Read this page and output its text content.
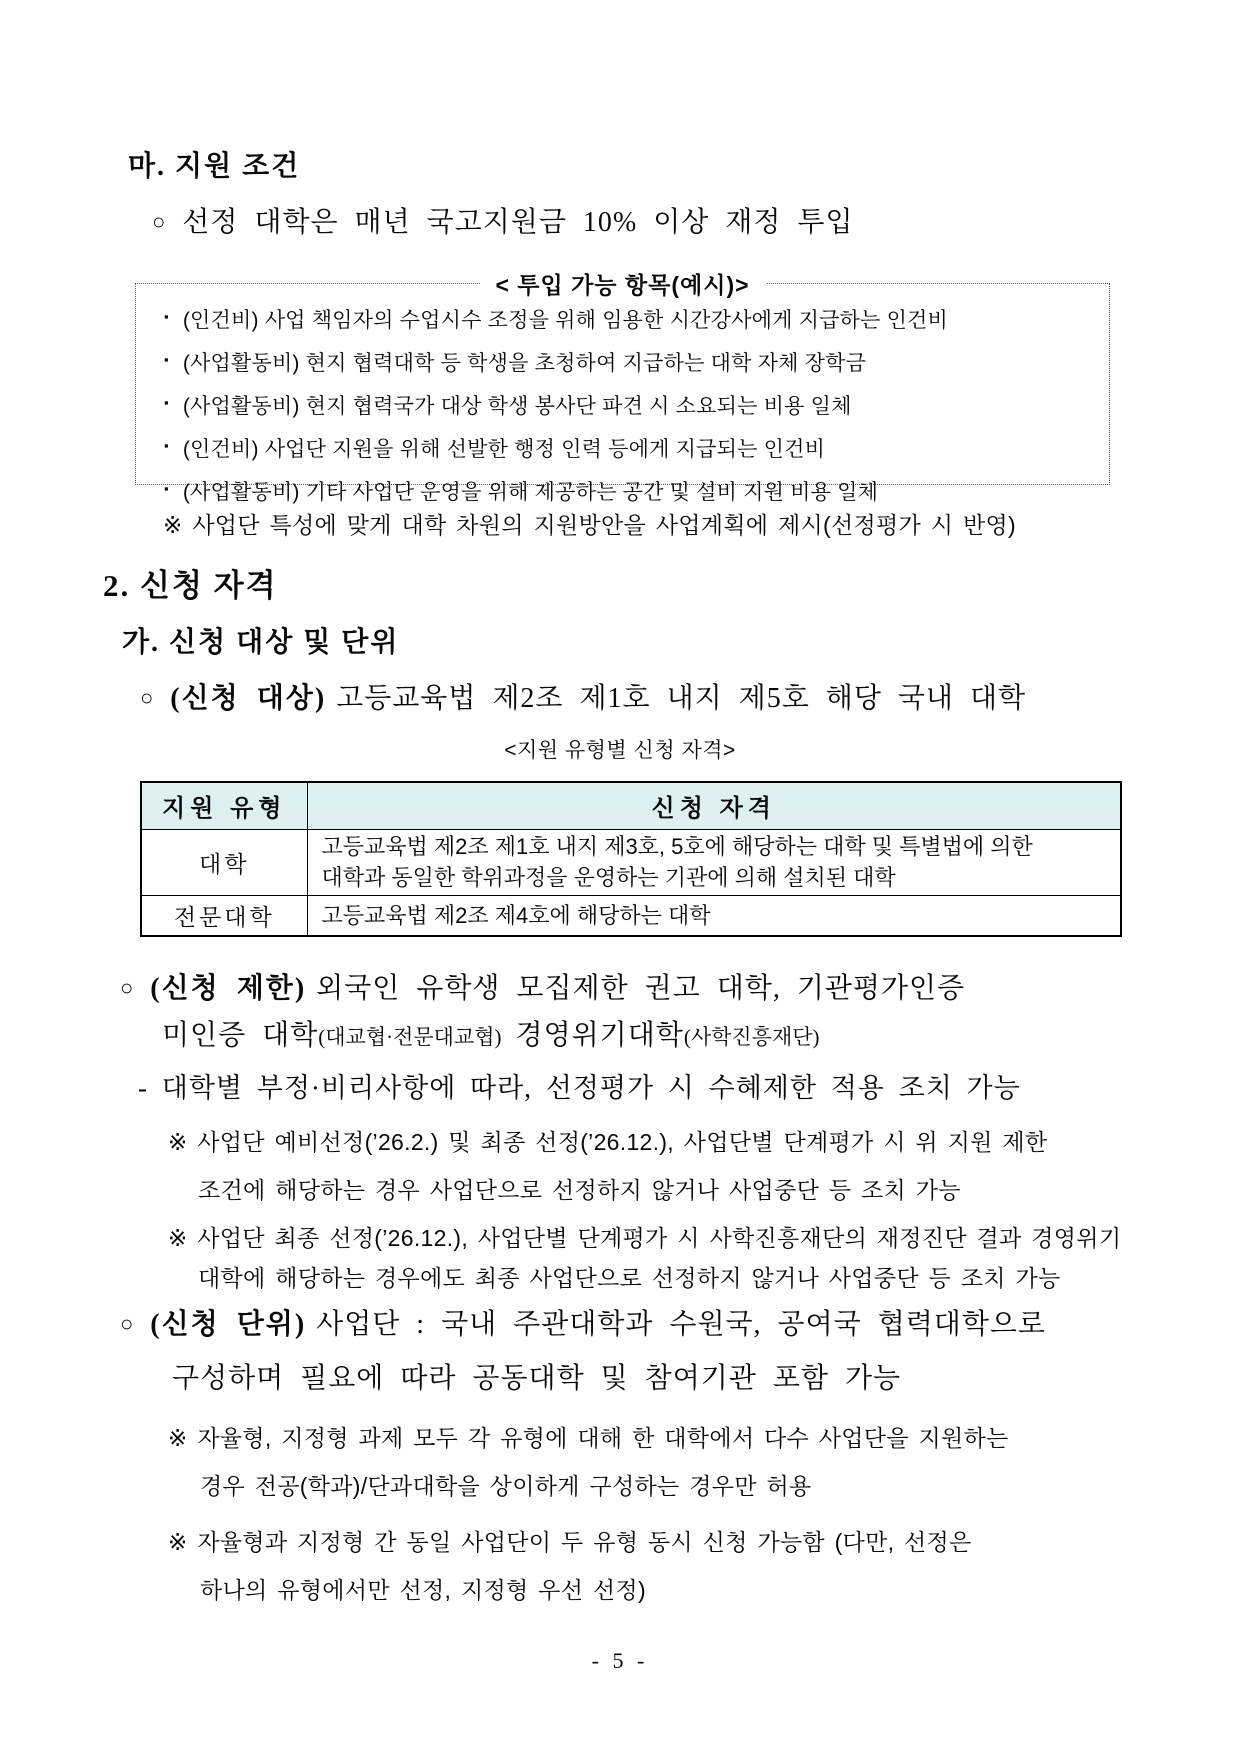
마. 지원 조건
○ 선정 대학은 매년 국고지원금 10% 이상 재정 투입
< 투입 가능 항목(예시)>
▪ (인건비) 사업 책임자의 수업시수 조정을 위해 임용한 시간강사에게 지급하는 인건비
▪ (사업활동비) 현지 협력대학 등 학생을 초청하여 지급하는 대학 자체 장학금
▪ (사업활동비) 현지 협력국가 대상 학생 봉사단 파견 시 소요되는 비용 일체
▪ (인건비) 사업단 지원을 위해 선발한 행정 인력 등에게 지급되는 인건비
▪ (사업활동비) 기타 사업단 운영을 위해 제공하는 공간 및 설비 지원 비용 일체
※ 사업단 특성에 맞게 대학 차원의 지원방안을 사업계획에 제시(선정평가 시 반영)
2. 신청 자격
가. 신청 대상 및 단위
○ (신청 대상) 고등교육법 제2조 제1호 내지 제5호 해당 국내 대학
<지원 유형별 신청 자격>
지원 유형	신청 자격
대학	고등교육법 제2조 제1호 내지 제3호, 5호에 해당하는 대학 및 특별법에 의한
대학과 동일한 학위과정을 운영하는 기관에 의해 설치된 대학
전문대학	고등교육법 제2조 제4호에 해당하는 대학
○ (신청 제한) 외국인 유학생 모집제한 권고 대학, 기관평가인증
미인증 대학(대교협·전문대교협) 경영위기대학(사학진흥재단)
- 대학별 부정·비리사항에 따라, 선정평가 시 수혜제한 적용 조치 가능
※ 사업단 예비선정(’26.2.) 및 최종 선정(’26.12.), 사업단별 단계평가 시 위 지원 제한
조건에 해당하는 경우 사업단으로 선정하지 않거나 사업중단 등 조치 가능
※ 사업단 최종 선정(’26.12.), 사업단별 단계평가 시 사학진흥재단의 재정진단 결과 경영위기
대학에 해당하는 경우에도 최종 사업단으로 선정하지 않거나 사업중단 등 조치 가능
○ (신청 단위) 사업단 : 국내 주관대학과 수원국, 공여국 협력대학으로
구성하며 필요에 따라 공동대학 및 참여기관 포함 가능
※ 자율형, 지정형 과제 모두 각 유형에 대해 한 대학에서 다수 사업단을 지원하는
경우 전공(학과)/단과대학을 상이하게 구성하는 경우만 허용
※ 자율형과 지정형 간 동일 사업단이 두 유형 동시 신청 가능함 (다만, 선정은
하나의 유형에서만 선정, 지정형 우선 선정)
- 5 -
